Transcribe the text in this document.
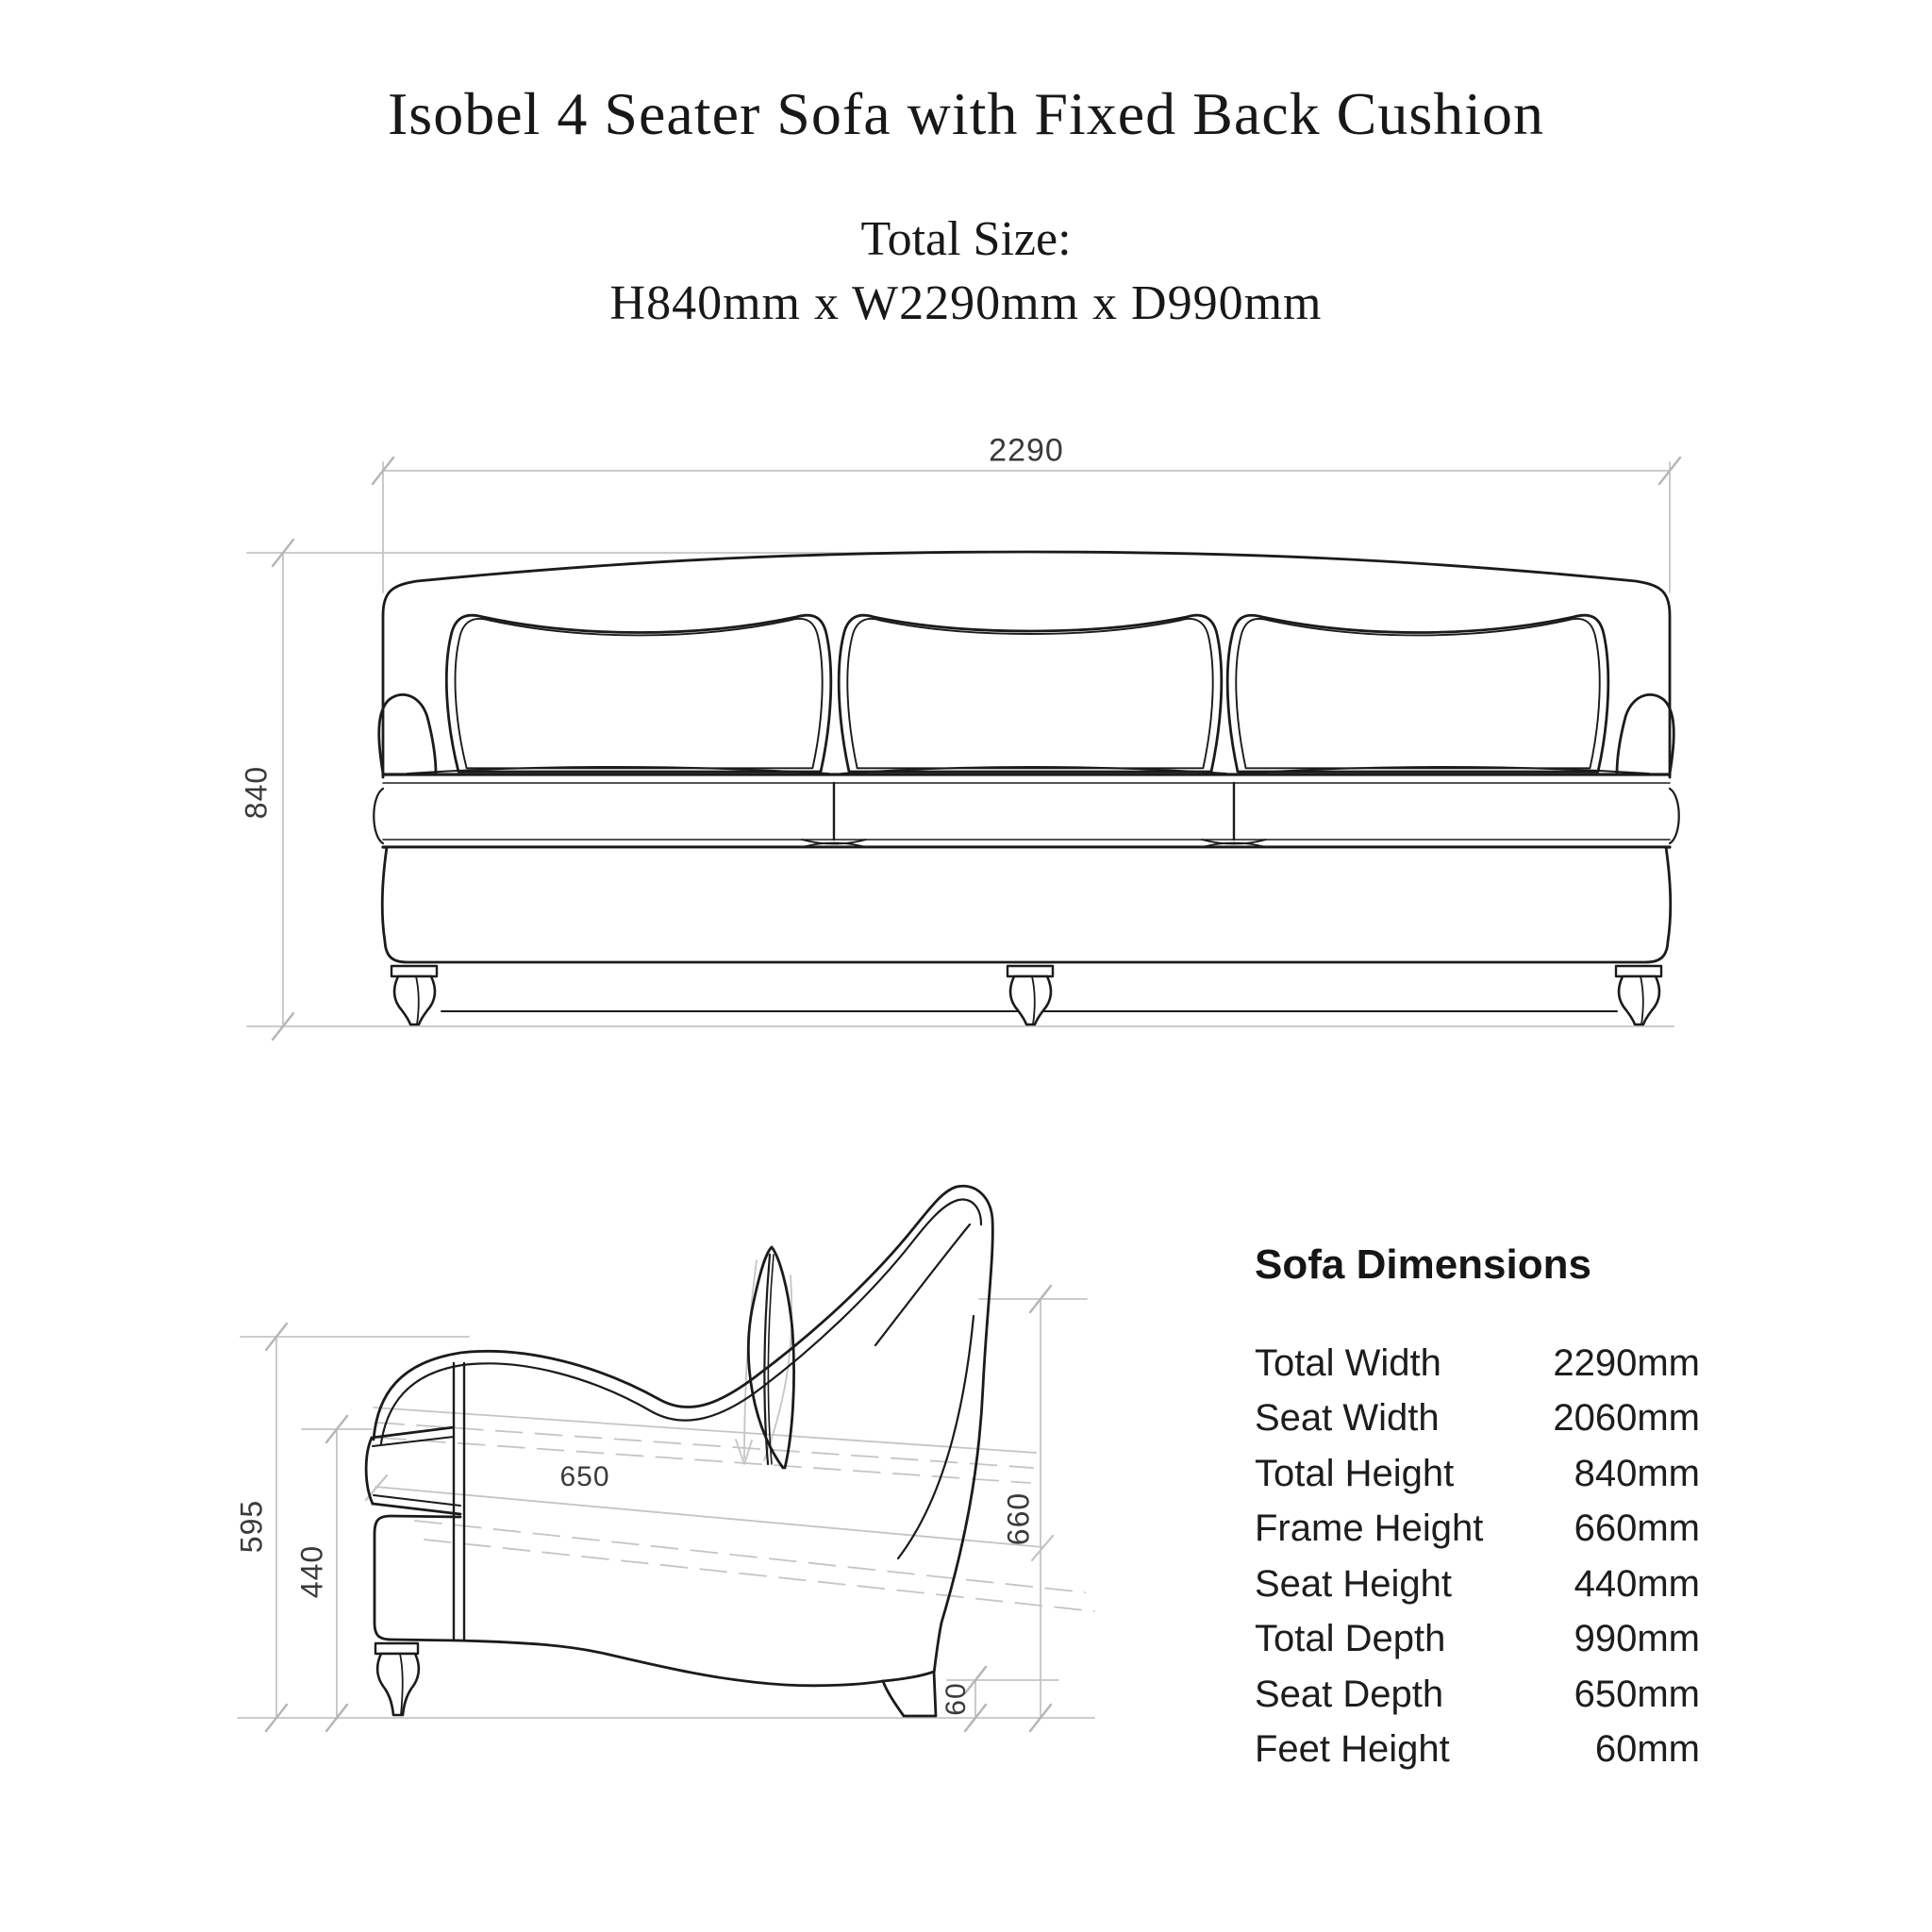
Isobel 4 Seater Sofa with Fixed Back Cushion
Total Size:
H840mm x W2290mm x D990mm
2290
840
595
440
650
660
60
Sofa Dimensions
Total Width	2290mm
Seat Width	2060mm
Total Height	840mm
Frame Height 660mm
Seat Height	440mm
Total Depth	990mm
Seat Depth	650mm
Feet Height	60mm
